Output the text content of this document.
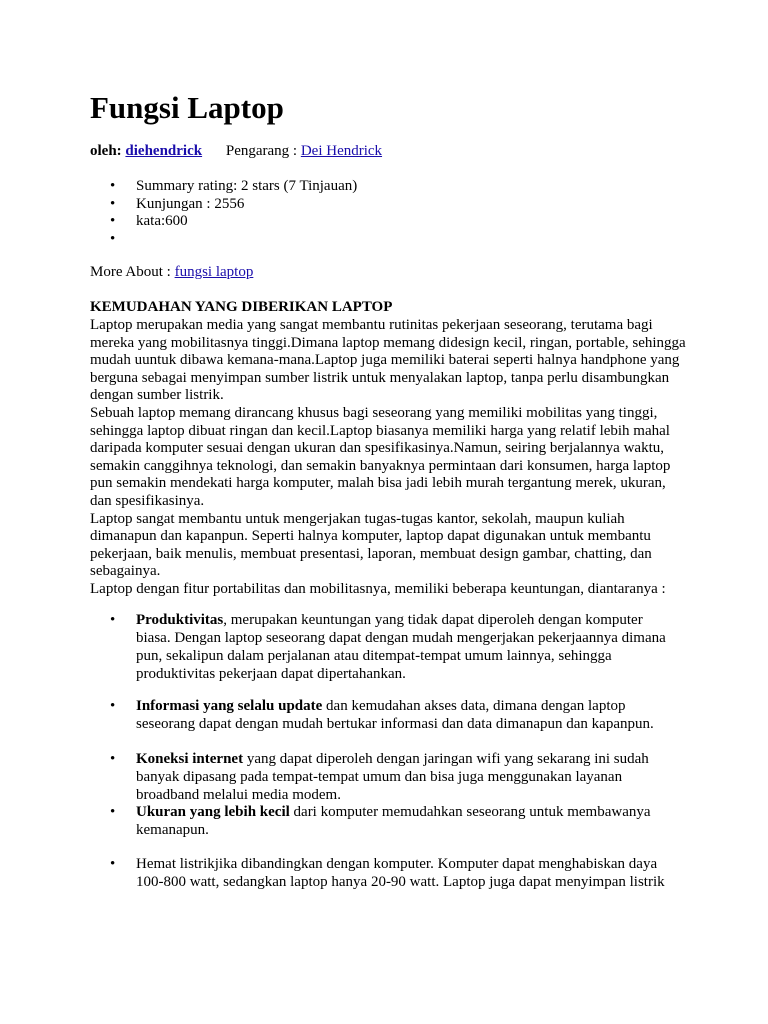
Fungsi Laptop
oleh: diehendrick Pengarang : Dei Hendrick
• Summary rating: 2 stars (7 Tinjauan)
• Kunjungan : 2556
• kata:600
•
More About : fungsi laptop
KEMUDAHAN YANG DIBERIKAN LAPTOP

Laptop merupakan media yang sangat membantu rutinitas pekerjaan seseorang, terutama bagi mereka yang mobilitasnya tinggi.Dimana laptop memang didesign kecil, ringan, portable, sehingga mudah uuntuk dibawa kemana-mana.Laptop juga memiliki baterai seperti halnya handphone yang berguna sebagai menyimpan sumber listrik untuk menyalakan laptop, tanpa perlu disambungkan dengan sumber listrik.

Sebuah laptop memang dirancang khusus bagi seseorang yang memiliki mobilitas yang tinggi, sehingga laptop dibuat ringan dan kecil.Laptop biasanya memiliki harga yang relatif lebih mahal daripada komputer sesuai dengan ukuran dan spesifikasinya.Namun, seiring berjalannya waktu, semakin canggihnya teknologi, dan semakin banyaknya permintaan dari konsumen, harga laptop pun semakin mendekati harga komputer, malah bisa jadi lebih murah tergantung merek, ukuran, dan spesifikasinya.

Laptop sangat membantu untuk mengerjakan tugas-tugas kantor, sekolah, maupun kuliah dimanapun dan kapanpun. Seperti halnya komputer, laptop dapat digunakan untuk membantu pekerjaan, baik menulis, membuat presentasi, laporan, membuat design gambar, chatting, dan sebagainya.

Laptop dengan fitur portabilitas dan mobilitasnya, memiliki beberapa keuntungan, diantaranya :

• Produktivitas, merupakan keuntungan yang tidak dapat diperoleh dengan komputer biasa. Dengan laptop seseorang dapat dengan mudah mengerjakan pekerjaannya dimana pun, sekalipun dalam perjalanan atau ditempat-tempat umum lainnya, sehingga produktivitas pekerjaan dapat dipertahankan.
• Informasi yang selalu update dan kemudahan akses data, dimana dengan laptop seseorang dapat dengan mudah bertukar informasi dan data dimanapun dan kapanpun.
• Koneksi internet yang dapat diperoleh dengan jaringan wifi yang sekarang ini sudah banyak dipasang pada tempat-tempat umum dan bisa juga menggunakan layanan broadband melalui media modem.
• Ukuran yang lebih kecil dari komputer memudahkan seseorang untuk membawanya kemanapun.
• Hemat listrikjika dibandingkan dengan komputer. Komputer dapat menghabiskan daya 100-800 watt, sedangkan laptop hanya 20-90 watt. Laptop juga dapat menyimpan listrik
